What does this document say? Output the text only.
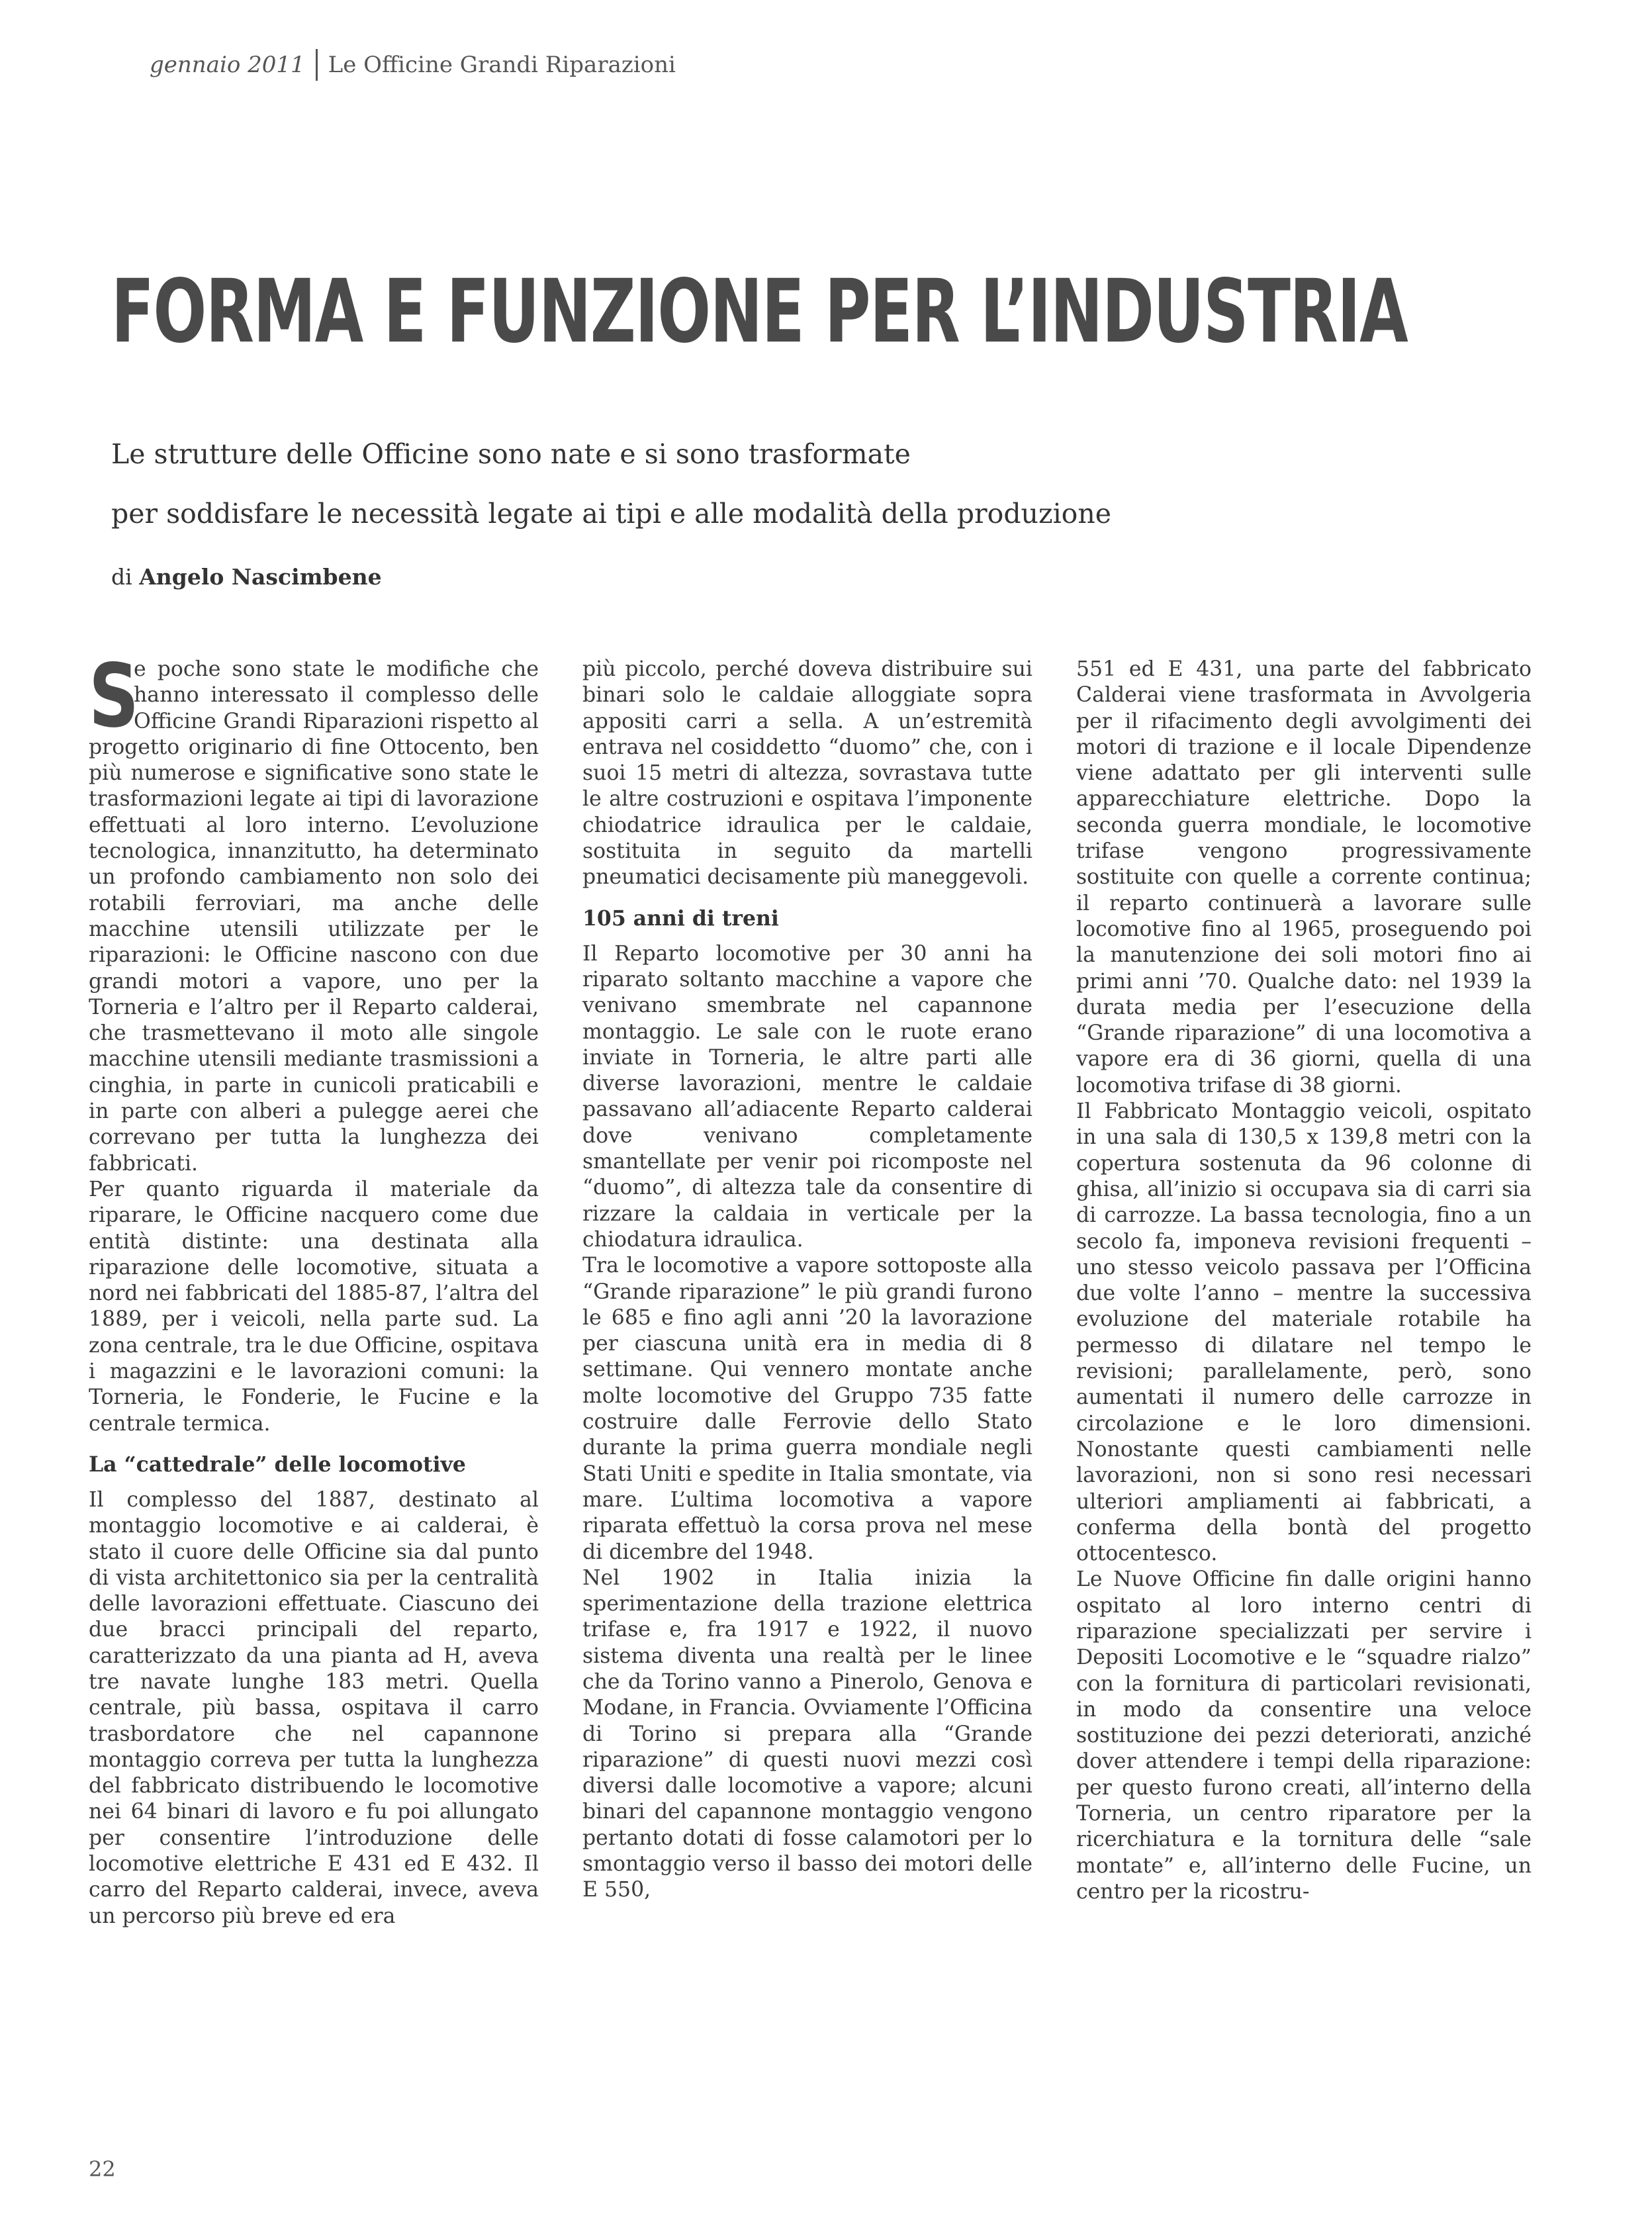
gennaio 2011 Le Officine Grandi Riparazioni
FORMA E FUNZIONE PER L’INDUSTRIA

Le strutture delle Officine sono nate e si sono trasformate

per soddisfare le necessità legate ai tipi e alle modalità della produzione

di Angelo Nascimbene

S
e poche sono state le modifiche che hanno interessato il complesso delle Officine Grandi Riparazioni rispetto al progetto originario di fine Ottocento, ben più numerose e significative sono state le trasformazioni legate ai tipi di lavorazione effettuati al loro interno. L’evoluzione tecnologica, innanzitutto, ha determinato un profondo cambiamento non solo dei rotabili ferroviari, ma anche delle macchine utensili utilizzate per le riparazioni: le Officine nascono con due grandi motori a vapore, uno per la Torneria e l’altro per il Reparto calderai, che trasmettevano il moto alle singole macchine utensili mediante trasmissioni a cinghia, in parte in cunicoli praticabili e in parte con alberi a pulegge aerei che correvano per tutta la lunghezza dei fabbricati.

Per quanto riguarda il materiale da riparare, le Officine nacquero come due entità distinte: una destinata alla riparazione delle locomotive, situata a nord nei fabbricati del 1885-87, l’altra del 1889, per i veicoli, nella parte sud. La zona centrale, tra le due Officine, ospitava i magazzini e le lavorazioni comuni: la Torneria, le Fonderie, le Fucine e la centrale termica.

La “cattedrale” delle locomotive

Il complesso del 1887, destinato al montaggio locomotive e ai calderai, è stato il cuore delle Officine sia dal punto di vista architettonico sia per la centralità delle lavorazioni effettuate. Ciascuno dei due bracci principali del reparto, caratterizzato da una pianta ad H, aveva tre navate lunghe 183 metri. Quella centrale, più bassa, ospitava il carro trasbordatore che nel capannone montaggio correva per tutta la lunghezza del fabbricato distribuendo le locomotive nei 64 binari di lavoro e fu poi allungato per consentire l’introduzione delle locomotive elettriche E 431 ed E 432. Il carro del Reparto calderai, invece, aveva un percorso più breve ed era

più piccolo, perché doveva distribuire sui binari solo le caldaie alloggiate sopra appositi carri a sella. A un’estremità entrava nel cosiddetto “duomo” che, con i suoi 15 metri di altezza, sovrastava tutte le altre costruzioni e ospitava l’imponente chiodatrice idraulica per le caldaie, sostituita in seguito da martelli pneumatici decisamente più maneggevoli.

105 anni di treni

Il Reparto locomotive per 30 anni ha riparato soltanto macchine a vapore che venivano smembrate nel capannone montaggio. Le sale con le ruote erano inviate in Torneria, le altre parti alle diverse lavorazioni, mentre le caldaie passavano all’adiacente Reparto calderai dove venivano completamente smantellate per venir poi ricomposte nel “duomo”, di altezza tale da consentire di rizzare la caldaia in verticale per la chiodatura idraulica.

Tra le locomotive a vapore sottoposte alla “Grande riparazione” le più grandi furono le 685 e fino agli anni ’20 la lavorazione per ciascuna unità era in media di 8 settimane. Qui vennero montate anche molte locomotive del Gruppo 735 fatte costruire dalle Ferrovie dello Stato durante la prima guerra mondiale negli Stati Uniti e spedite in Italia smontate, via mare. L’ultima locomotiva a vapore riparata effettuò la corsa prova nel mese di dicembre del 1948.

Nel 1902 in Italia inizia la sperimentazione della trazione elettrica trifase e, fra 1917 e 1922, il nuovo sistema diventa una realtà per le linee che da Torino vanno a Pinerolo, Genova e Modane, in Francia. Ovviamente l’Officina di Torino si prepara alla “Grande riparazione” di questi nuovi mezzi così diversi dalle locomotive a vapore; alcuni binari del capannone montaggio vengono pertanto dotati di fosse calamotori per lo smontaggio verso il basso dei motori delle E 550,

551 ed E 431, una parte del fabbricato Calderai viene trasformata in Avvolgeria per il rifacimento degli avvolgimenti dei motori di trazione e il locale Dipendenze viene adattato per gli interventi sulle apparecchiature elettriche. Dopo la seconda guerra mondiale, le locomotive trifase vengono progressivamente sostituite con quelle a corrente continua; il reparto continuerà a lavorare sulle locomotive fino al 1965, proseguendo poi la manutenzione dei soli motori fino ai primi anni ’70. Qualche dato: nel 1939 la durata media per l’esecuzione della “Grande riparazione” di una locomotiva a vapore era di 36 giorni, quella di una locomotiva trifase di 38 giorni.

Il Fabbricato Montaggio veicoli, ospitato in una sala di 130,5 x 139,8 metri con la copertura sostenuta da 96 colonne di ghisa, all’inizio si occupava sia di carri sia di carrozze. La bassa tecnologia, fino a un secolo fa, imponeva revisioni frequenti – uno stesso veicolo passava per l’Officina due volte l’anno – mentre la successiva evoluzione del materiale rotabile ha permesso di dilatare nel tempo le revisioni; parallelamente, però, sono aumentati il numero delle carrozze in circolazione e le loro dimensioni. Nonostante questi cambiamenti nelle lavorazioni, non si sono resi necessari ulteriori ampliamenti ai fabbricati, a conferma della bontà del progetto ottocentesco.

Le Nuove Officine fin dalle origini hanno ospitato al loro interno centri di riparazione specializzati per servire i Depositi Locomotive e le “squadre rialzo” con la fornitura di particolari revisionati, in modo da consentire una veloce sostituzione dei pezzi deteriorati, anziché dover attendere i tempi della riparazione: per questo furono creati, all’interno della Torneria, un centro riparatore per la ricerchiatura e la tornitura delle “sale montate” e, all’interno delle Fucine, un centro per la ricostru-

22
